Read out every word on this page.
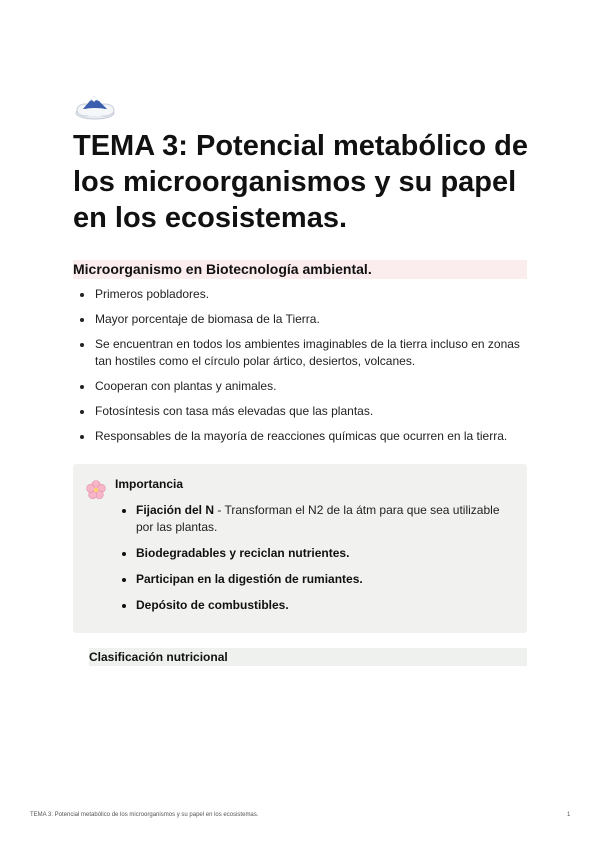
TEMA 3: Potencial metabólico de los microorganismos y su papel en los ecosistemas.
Microorganismo en Biotecnología ambiental.
Primeros pobladores.
Mayor porcentaje de biomasa de la Tierra.
Se encuentran en todos los ambientes imaginables de la tierra incluso en zonas tan hostiles como el círculo polar ártico, desiertos, volcanes.
Cooperan con plantas y animales.
Fotosíntesis con tasa más elevadas que las plantas.
Responsables de la mayoría de reacciones químicas que ocurren en la tierra.
Importancia
Fijación del N - Transforman el N2 de la átm para que sea utilizable por las plantas.
Biodegradables y reciclan nutrientes.
Participan en la digestión de rumiantes.
Depósito de combustibles.
Clasificación nutricional
TEMA 3: Potencial metabólico de los microorganismos y su papel en los ecosistemas.	1
